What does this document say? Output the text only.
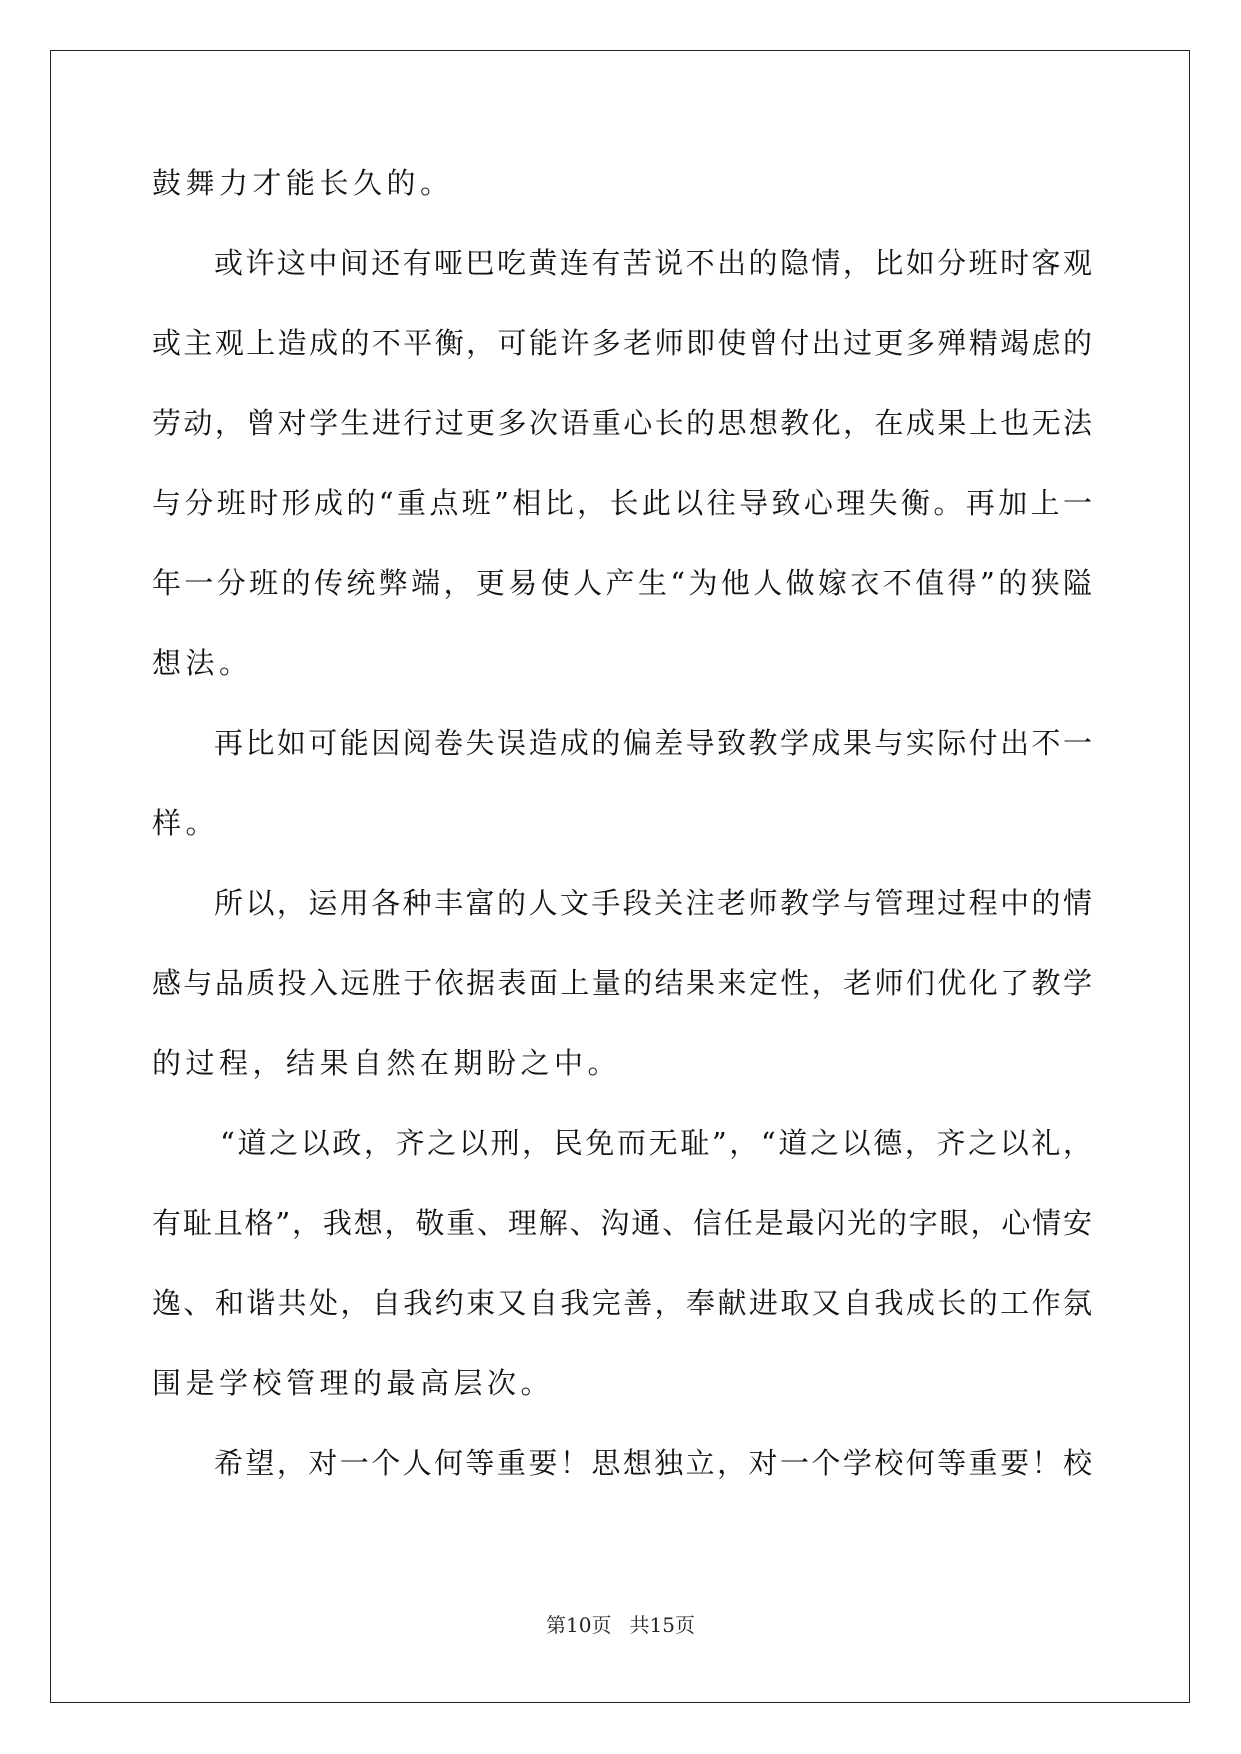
鼓舞力才能长久的。
或许这中间还有哑巴吃黄连有苦说不出的隐情，比如分班时客观
或主观上造成的不平衡，可能许多老师即使曾付出过更多殚精竭虑的
劳动，曾对学生进行过更多次语重心长的思想教化，在成果上也无法
与分班时形成的“重点班”相比，长此以往导致心理失衡。再加上一
年一分班的传统弊端，更易使人产生“为他人做嫁衣不值得”的狭隘
想法。
再比如可能因阅卷失误造成的偏差导致教学成果与实际付出不一
样。
所以，运用各种丰富的人文手段关注老师教学与管理过程中的情
感与品质投入远胜于依据表面上量的结果来定性，老师们优化了教学
的过程，结果自然在期盼之中。
“道之以政，齐之以刑，民免而无耻”，“道之以德，齐之以礼，
有耻且格”，我想，敬重、理解、沟通、信任是最闪光的字眼，心情安
逸、和谐共处，自我约束又自我完善，奉献进取又自我成长的工作氛
围是学校管理的最高层次。
希望，对一个人何等重要！思想独立，对一个学校何等重要！校
第10页 共15页
